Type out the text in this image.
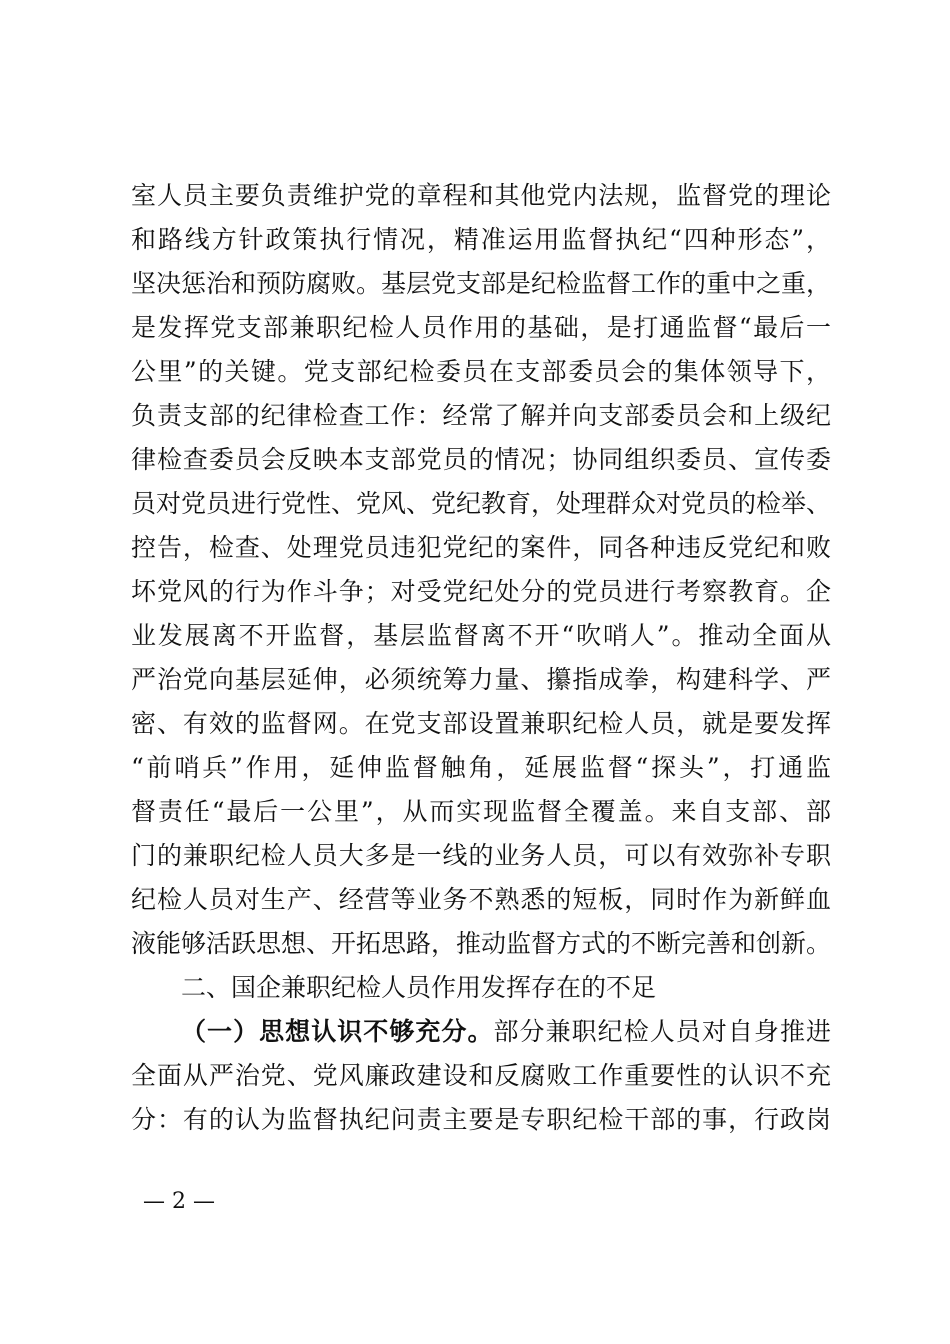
室人员主要负责维护党的章程和其他党内法规，监督党的理论
和路线方针政策执行情况，精准运用监督执纪“四种形态”，
坚决惩治和预防腐败。基层党支部是纪检监督工作的重中之重，
是发挥党支部兼职纪检人员作用的基础，是打通监督“最后一
公里”的关键。党支部纪检委员在支部委员会的集体领导下，
负责支部的纪律检查工作：经常了解并向支部委员会和上级纪
律检查委员会反映本支部党员的情况；协同组织委员、宣传委
员对党员进行党性、党风、党纪教育，处理群众对党员的检举、
控告，检查、处理党员违犯党纪的案件，同各种违反党纪和败
坏党风的行为作斗争；对受党纪处分的党员进行考察教育。企
业发展离不开监督，基层监督离不开“吹哨人”。推动全面从
严治党向基层延伸，必须统筹力量、攥指成拳，构建科学、严
密、有效的监督网。在党支部设置兼职纪检人员，就是要发挥
“前哨兵”作用，延伸监督触角，延展监督“探头”，打通监
督责任“最后一公里”，从而实现监督全覆盖。来自支部、部
门的兼职纪检人员大多是一线的业务人员，可以有效弥补专职
纪检人员对生产、经营等业务不熟悉的短板，同时作为新鲜血
液能够活跃思想、开拓思路，推动监督方式的不断完善和创新。
二、国企兼职纪检人员作用发挥存在的不足
（一）思想认识不够充分。部分兼职纪检人员对自身推进
全面从严治党、党风廉政建设和反腐败工作重要性的认识不充
分：有的认为监督执纪问责主要是专职纪检干部的事，行政岗
— 2 —
